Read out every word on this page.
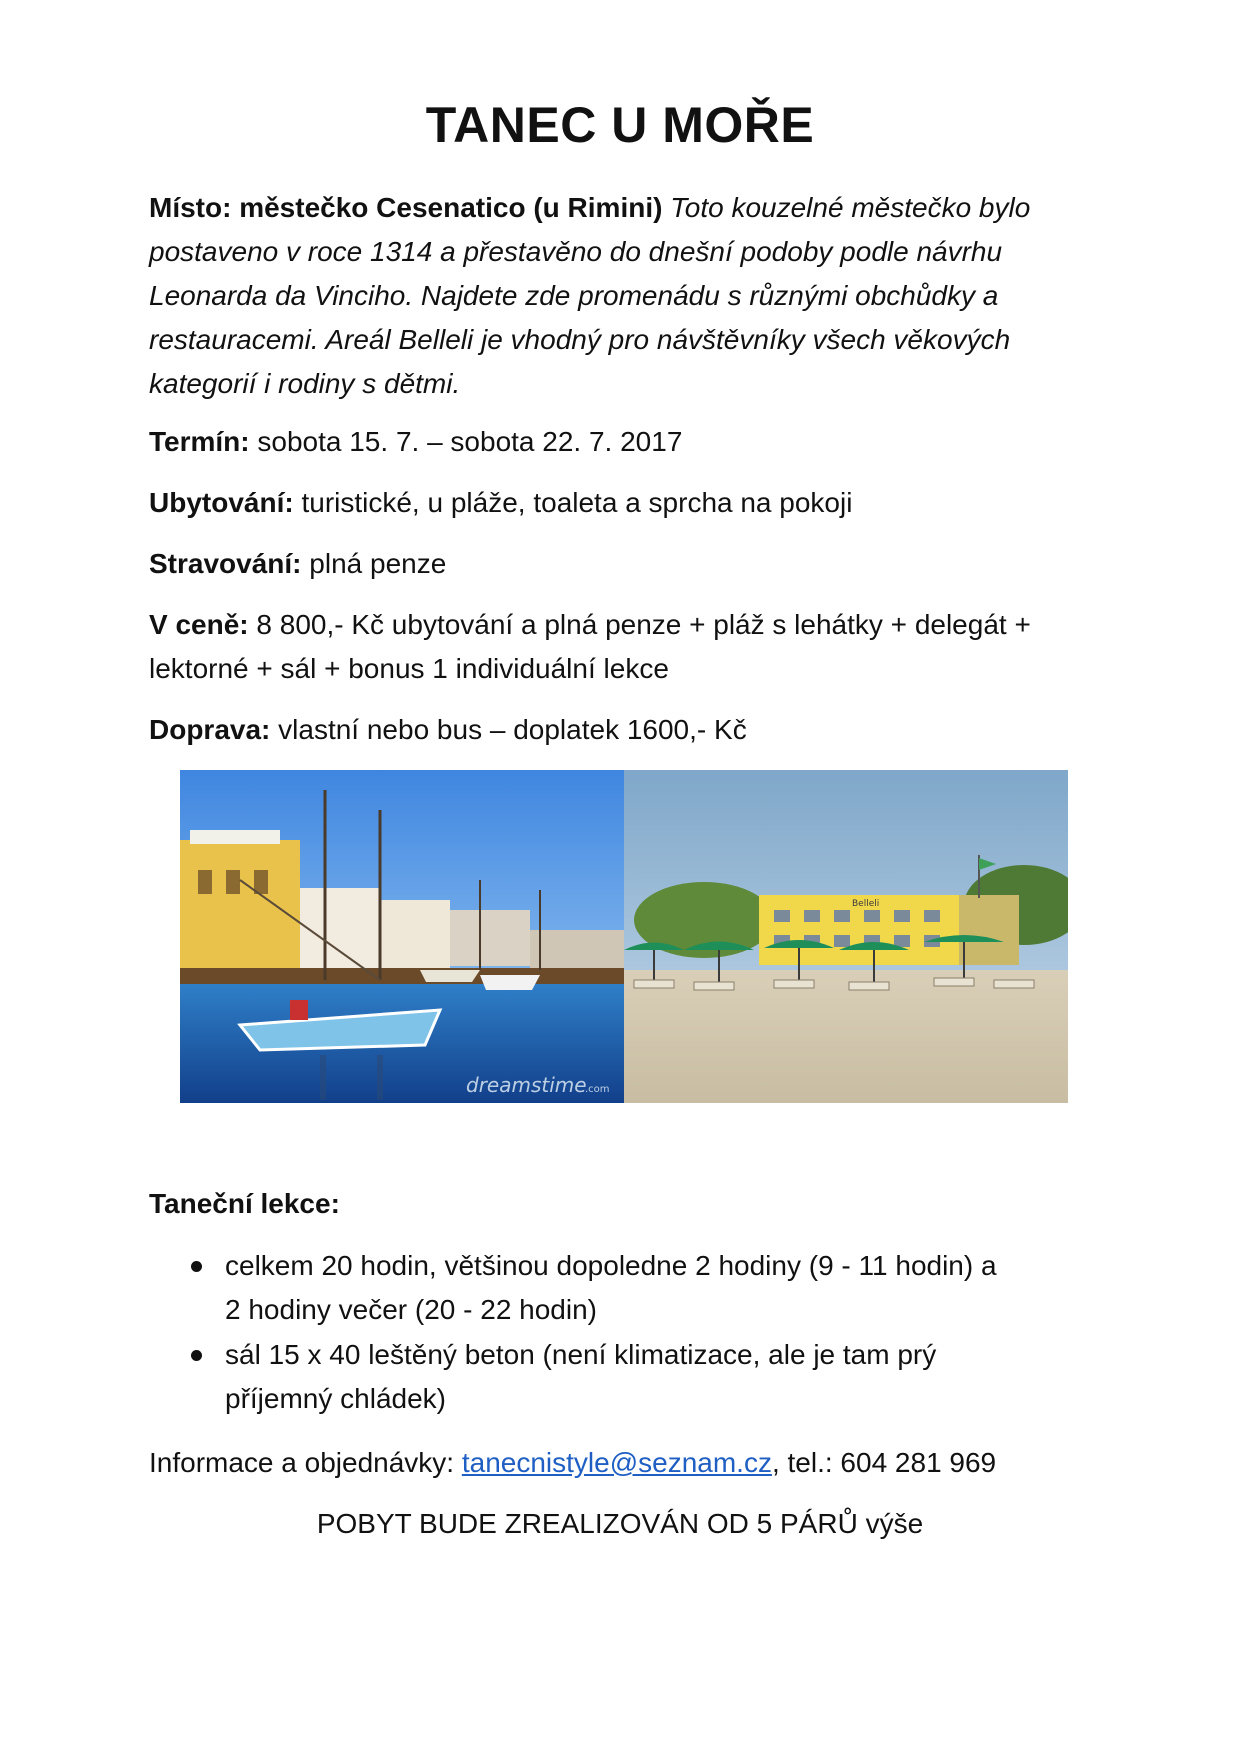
TANEC U MOŘE
Místo: městečko Cesenatico (u Rimini) Toto kouzelné městečko bylo
postaveno v roce 1314 a přestavěno do dnešní podoby podle návrhu
Leonarda da Vinciho. Najdete zde promenádu s různými obchůdky a
restauracemi. Areál Belleli je vhodný pro návštěvníky všech věkových
kategorií i rodiny s dětmi.
Termín: sobota 15. 7. – sobota 22. 7. 2017
Ubytování: turistické, u pláže, toaleta a sprcha na pokoji
Stravování: plná penze
V ceně: 8 800,- Kč ubytování a plná penze + pláž s lehátky + delegát +
lektorné + sál + bonus 1 individuální lekce
Doprava: vlastní nebo bus – doplatek 1600,- Kč
dreamstime
.com
Belleli
Taneční lekce:
celkem 20 hodin, většinou dopoledne 2 hodiny (9 - 11 hodin) a
2 hodiny večer (20 - 22 hodin)
sál 15 x 40 leštěný beton (není klimatizace, ale je tam prý
příjemný chládek)
Informace a objednávky: tanecnistyle@seznam.cz, tel.: 604 281 969
POBYT BUDE ZREALIZOVÁN OD 5 PÁRŮ výše
